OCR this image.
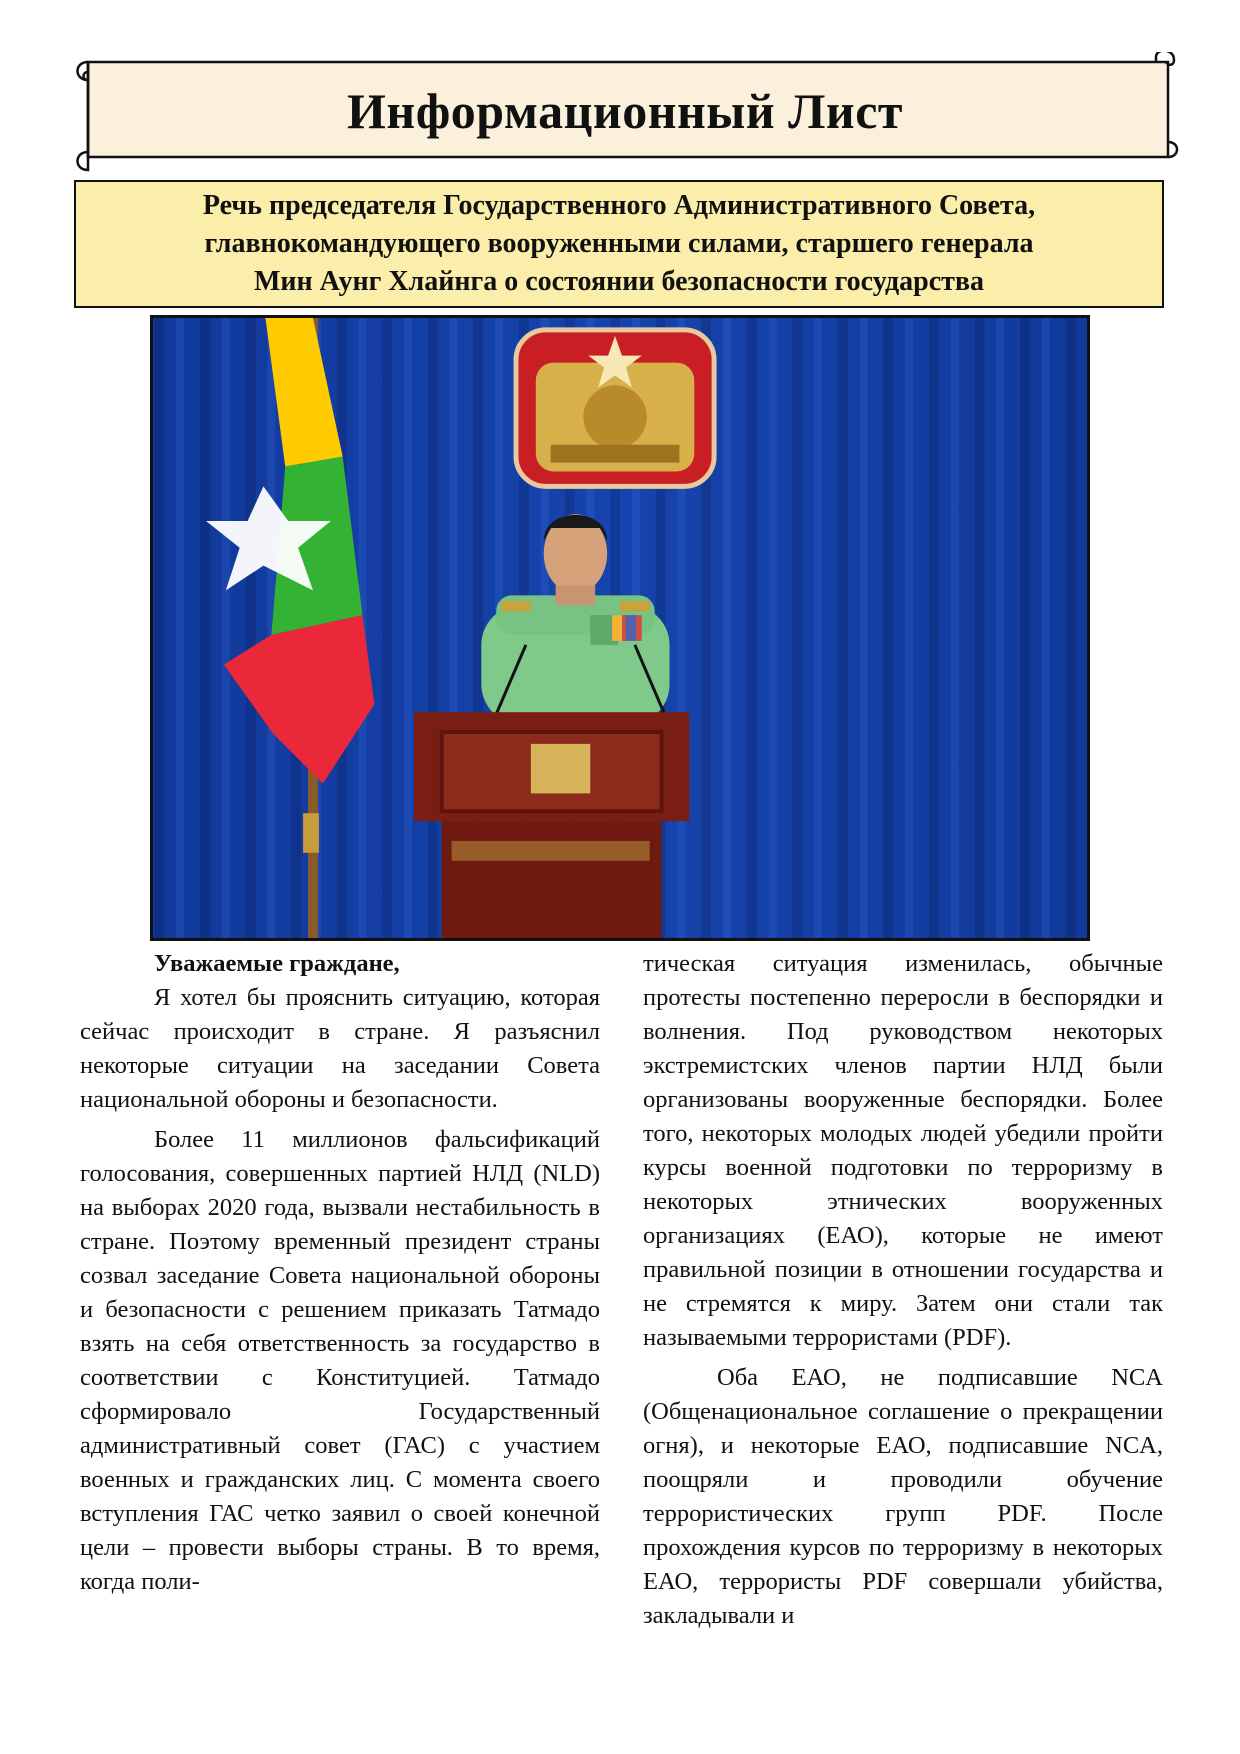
Информационный Лист
Речь председателя Государственного Административного Совета,
главнокомандующего вооруженными силами, старшего генерала
Мин Аунг Хлайнга о состоянии безопасности государства

Уважаемые граждане,

Я хотел бы прояснить ситуацию, которая сейчас происходит в стране. Я разъяснил некоторые ситуации на заседании Совета национальной обороны и безопасности.

Более 11 миллионов фальсификаций голосования, совершенных партией НЛД (NLD) на выборах 2020 года, вызвали нестабильность в стране. Поэтому временный президент страны созвал заседание Совета национальной обороны и безопасности с решением приказать Татмадо взять на себя ответственность за государство в соответствии с Конституцией. Татмадо сформировало Государственный административный совет (ГАС) с участием военных и гражданских лиц. С момента своего вступления ГАС четко заявил о своей конечной цели – провести выборы страны. В то время, когда поли-

тическая ситуация изменилась, обычные протесты постепенно переросли в беспорядки и волнения. Под руководством некоторых экстремистских членов партии НЛД были организованы вооруженные беспорядки. Более того, некоторых молодых людей убедили пройти курсы военной подготовки по терроризму в некоторых этнических вооруженных организациях (ЕАО), которые не имеют правильной позиции в отношении государства и не стремятся к миру. Затем они стали так называемыми террористами (PDF).

Оба ЕАО, не подписавшие NCA (Общенациональное соглашение о прекращении огня), и некоторые ЕАО, подписавшие NCA, поощряли и проводили обучение террористических групп PDF. После прохождения курсов по терроризму в некоторых ЕАО, террористы PDF совершали убийства, закладывали и
